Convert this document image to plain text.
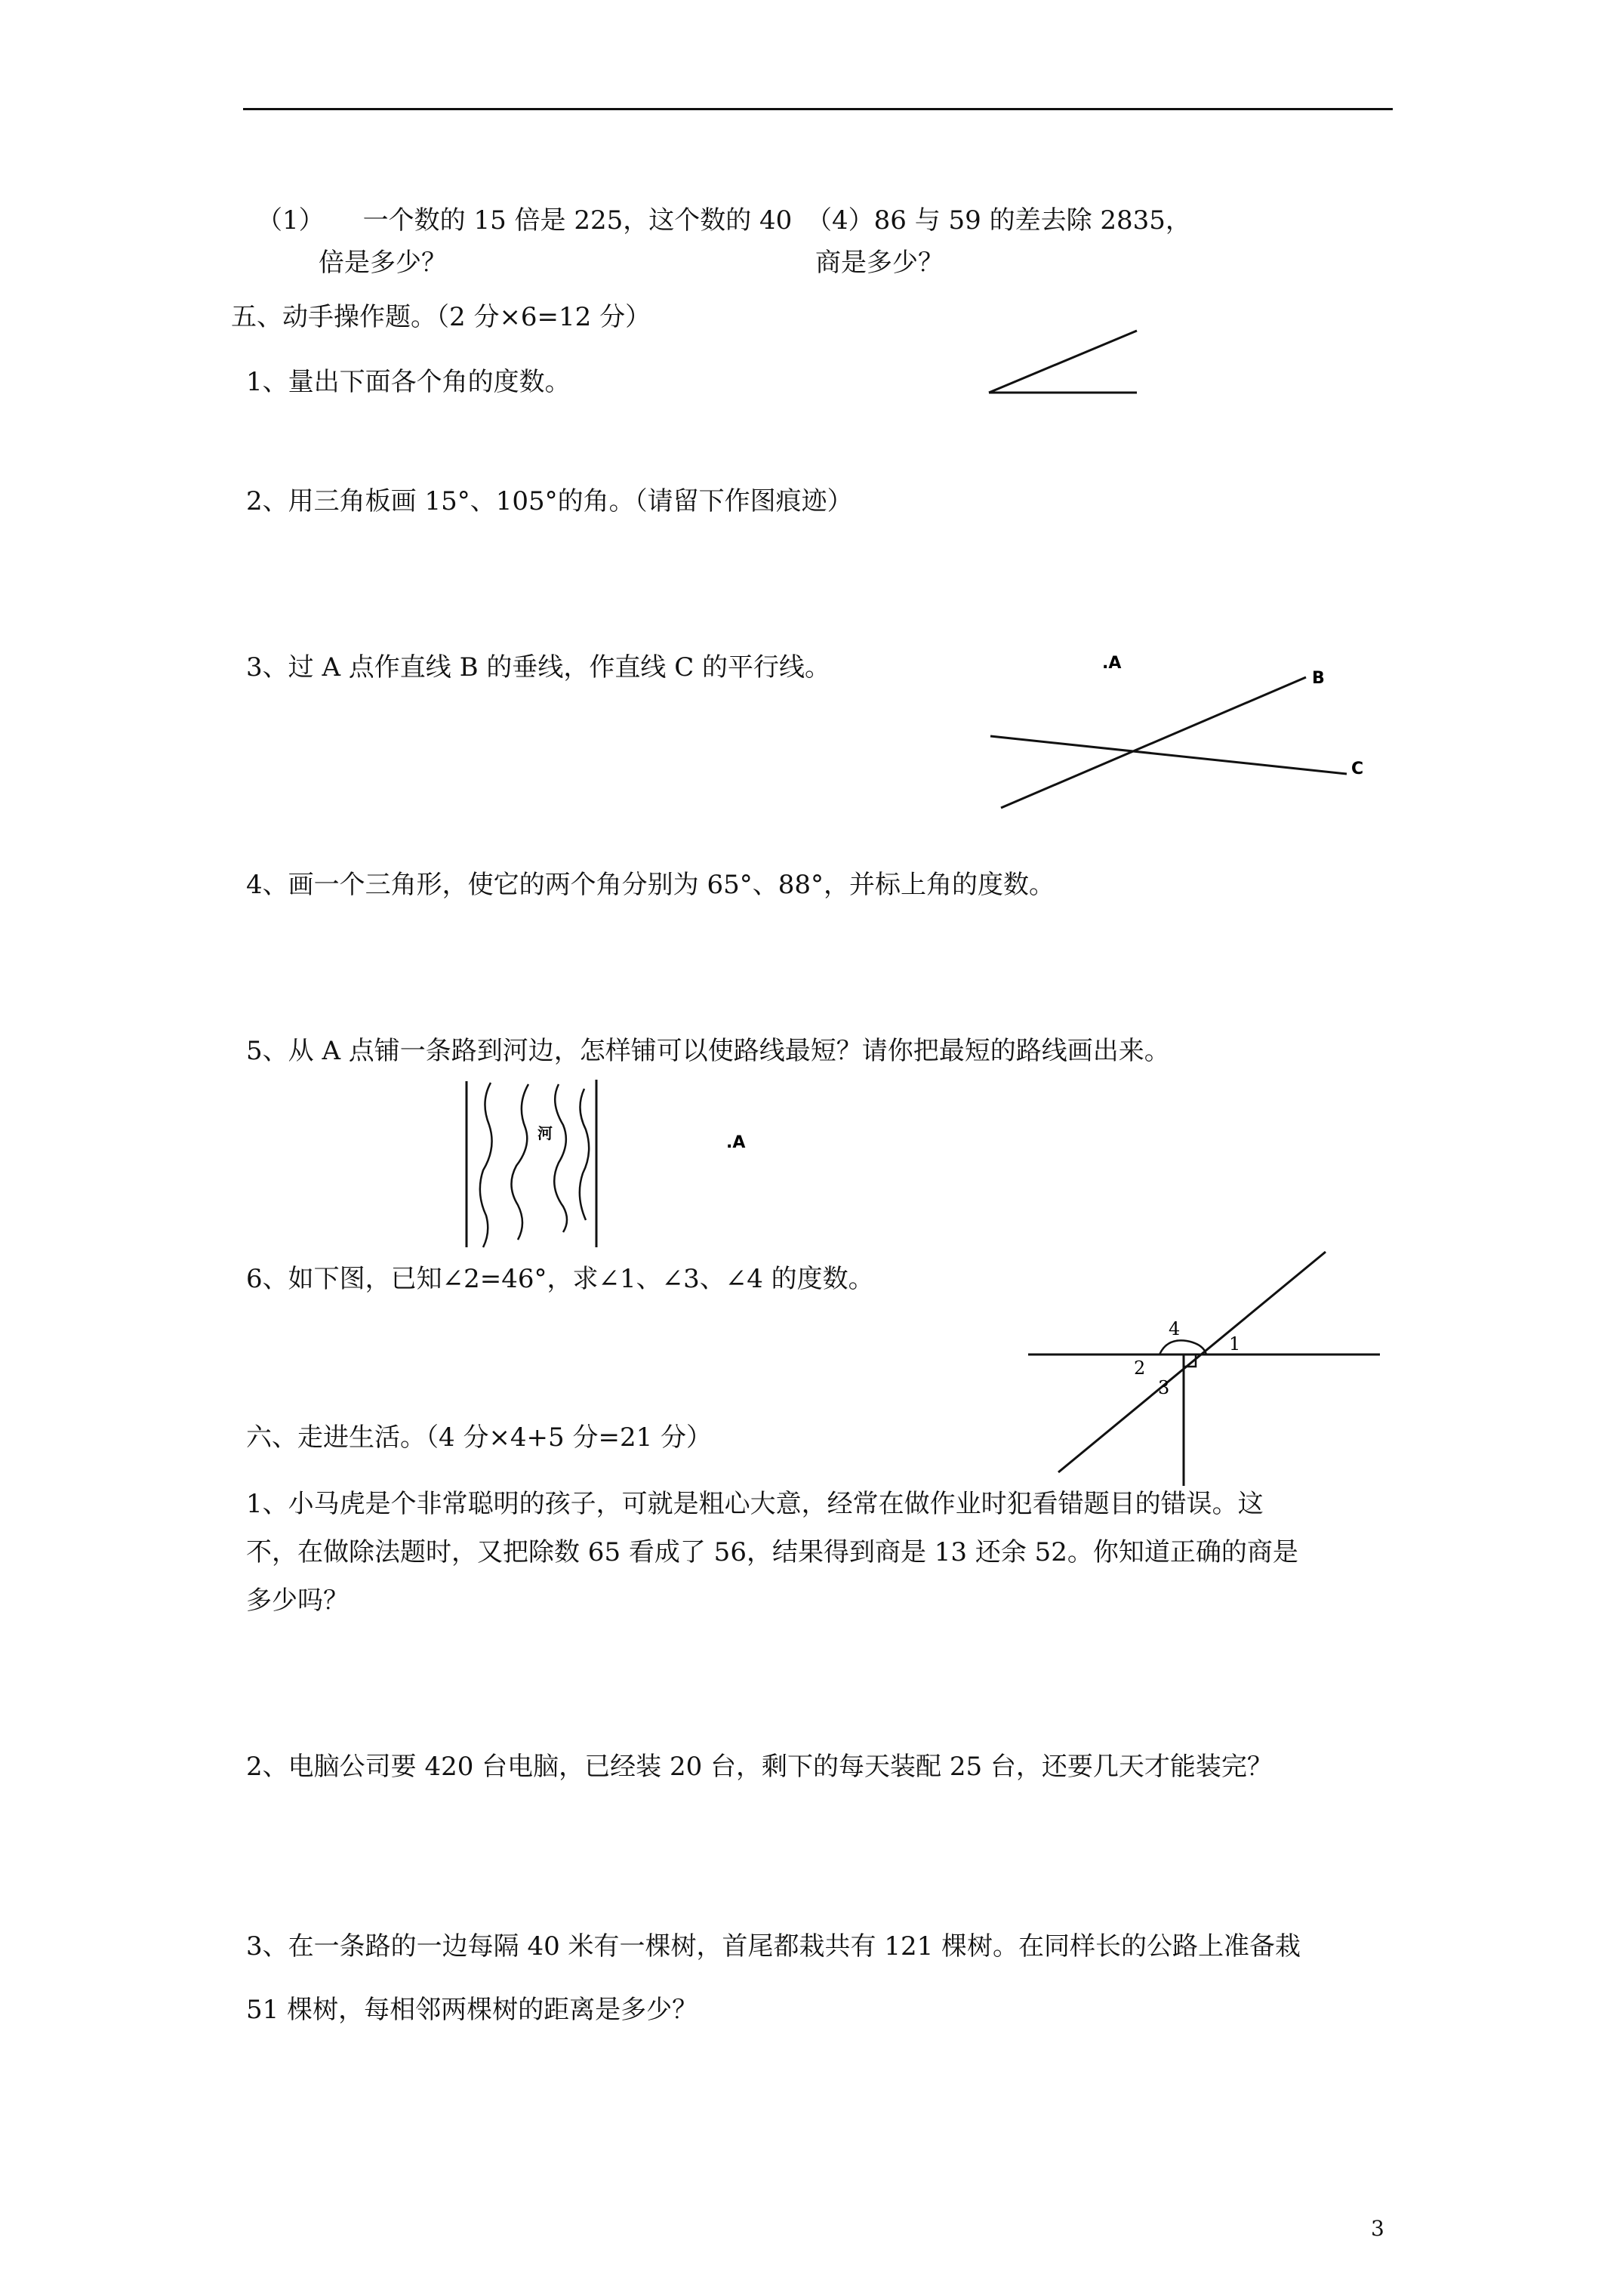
（1）　　一个数的 15 倍是 225，这个数的 40
倍是多少？
（4）86 与 59 的差去除 2835，
商是多少？
五、动手操作题。（2 分×6=12 分）
1、量出下面各个角的度数。
2、用三角板画 15°、105°的角。（请留下作图痕迹）
3、过 A 点作直线 B 的垂线，作直线 C 的平行线。	.A
B
C
4、画一个三角形，使它的两个角分别为 65°、88°，并标上角的度数。
5、从 A 点铺一条路到河边，怎样铺可以使路线最短？请你把最短的路线画出来。
河	.A
6、如下图，已知∠2=46°，求∠1、∠3、∠4 的度数。
1
2
3
4
六、走进生活。（4 分×4+5 分=21 分）
1、小马虎是个非常聪明的孩子，可就是粗心大意，经常在做作业时犯看错题目的错误。这
不，在做除法题时，又把除数 65 看成了 56，结果得到商是 13 还余 52。你知道正确的商是
多少吗？
2、电脑公司要 420 台电脑，已经装 20 台，剩下的每天装配 25 台，还要几天才能装完？
3、在一条路的一边每隔 40 米有一棵树，首尾都栽共有 121 棵树。在同样长的公路上准备栽
51 棵树，每相邻两棵树的距离是多少？
3
